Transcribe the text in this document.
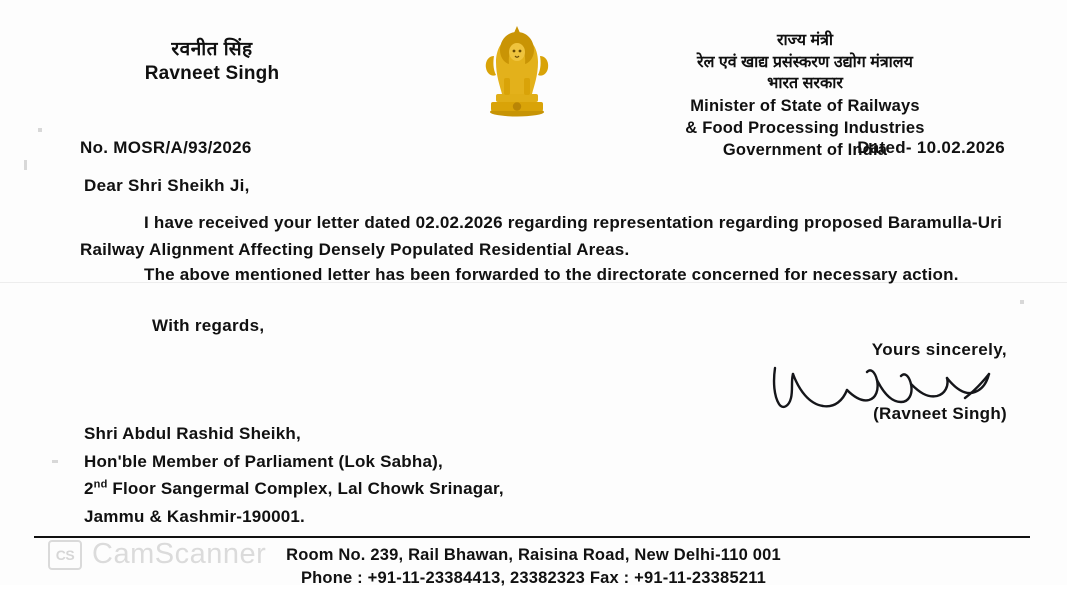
रवनीत सिंह
Ravneet Singh
राज्य मंत्री
रेल एवं खाद्य प्रसंस्करण उद्योग मंत्रालय
भारत सरकार
Minister of State of Railways
& Food Processing Industries
Government of India
No. MOSR/A/93/2026	Dated- 10.02.2026
Dear Shri Sheikh Ji,
I have received your letter dated 02.02.2026 regarding representation regarding proposed Baramulla-Uri Railway Alignment Affecting Densely Populated Residential Areas.
The above mentioned letter has been forwarded to the directorate concerned for necessary action.
With regards,
Yours sincerely,
(Ravneet Singh)
Shri Abdul Rashid Sheikh,
Hon'ble Member of Parliament (Lok Sabha),
2nd Floor Sangermal Complex, Lal Chowk Srinagar,
Jammu & Kashmir-190001.
Room No. 239, Rail Bhawan, Raisina Road, New Delhi-110 001
Phone : +91-11-23384413, 23382323 Fax : +91-11-23385211
CS CamScanner
